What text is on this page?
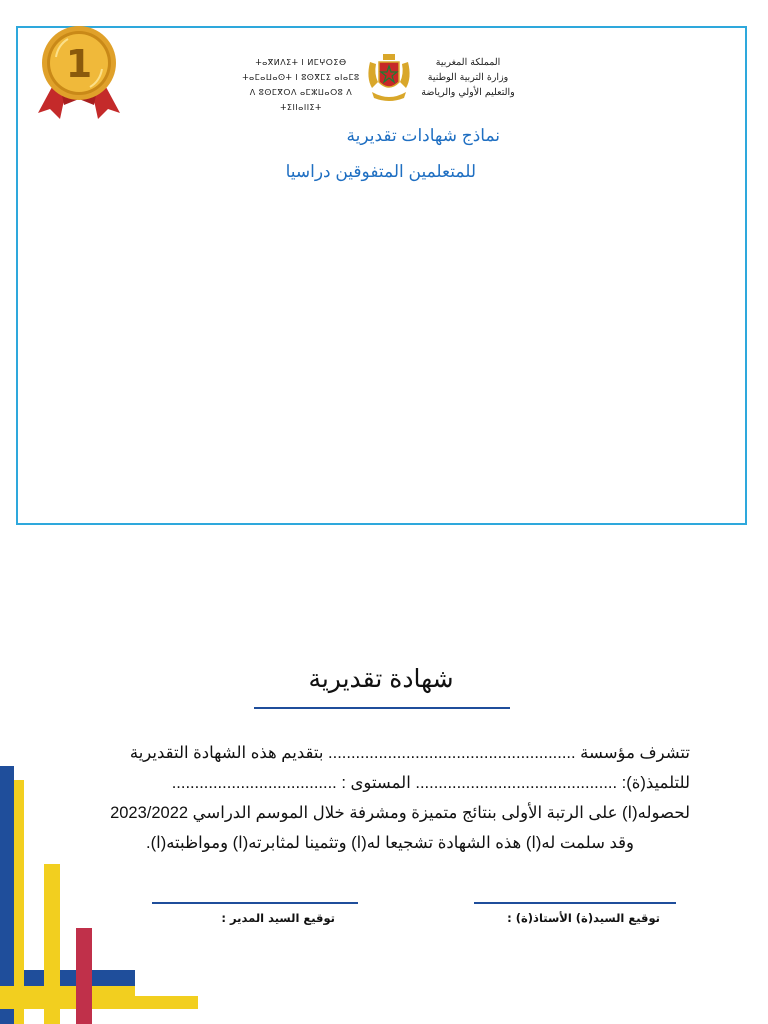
1	ⵜⴰⴳⵍⴷⵉⵜ ⵏ ⵍⵎⵖⵔⵉⴱ
ⵜⴰⵎⴰⵡⴰⵙⵜ ⵏ ⵓⵙⴳⵎⵉ ⴰⵏⴰⵎⵓ
ⴷ ⵓⵙⵎⴳⵔⴷ ⴰⵎⵣⵡⴰⵔⵓ ⴷ ⵜⵉⵏⵏⴰⵏⵏⵉⵜ
المملكة المغربية
وزارة التربية الوطنية
والتعليم الأولي والرياضة
نماذج شهادات تقديرية
للمتعلمين المتفوقين دراسيا
شهادة تقديرية
تتشرف مؤسسة ...................................................... بتقديم هذه الشهادة التقديرية
للتلميذ(ة): ............................................ المستوى : ....................................
لحصوله(ا) على الرتبة الأولى بنتائج متميزة ومشرفة خلال الموسم الدراسي 2023/2022
وقد سلمت له(ا) هذه الشهادة تشجيعا له(ا) وتثمينا لمثابرته(ا) ومواظبته(ا).
توقيع السيد(ة) الأستاذ(ة) :
توقيع السيد المدير :
